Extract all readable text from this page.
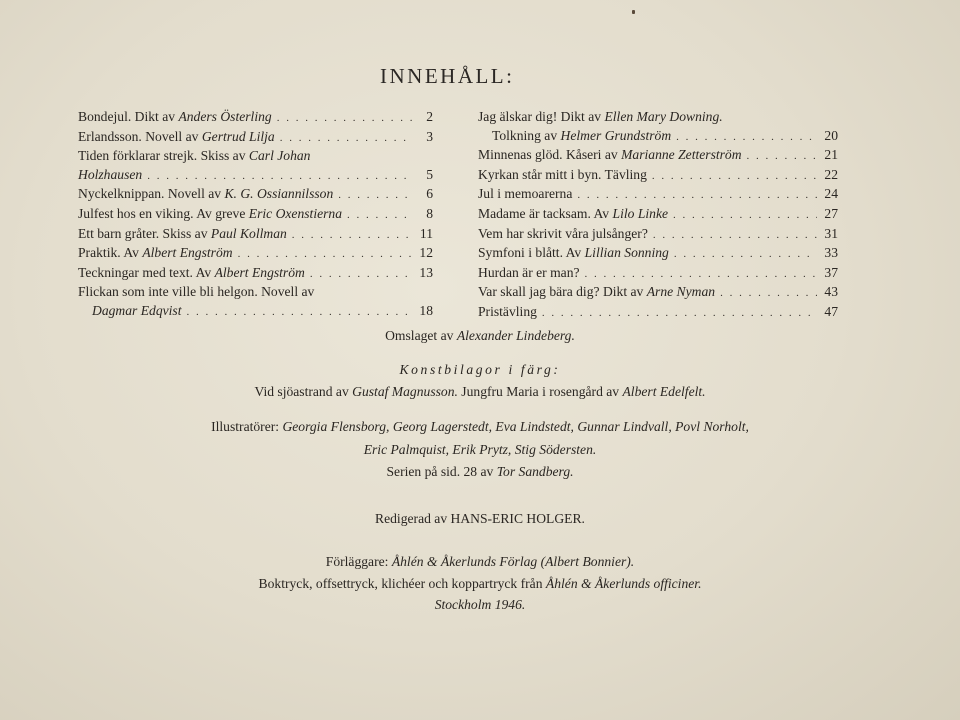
INNEHÅLL:
Bondejul. Dikt av Anders Österling . . .	2
Erlandsson. Novell av Gertrud Lilja . . .	3
Tiden förklarar strejk. Skiss av Carl Johan
Holzhausen . . .	5
Nyckelknippan. Novell av K. G. Ossiannilsson . . .	6
Julfest hos en viking. Av greve Eric Oxenstierna . . .	8
Ett barn gråter. Skiss av Paul Kollman . . .	11
Praktik. Av Albert Engström . . .	12
Teckningar med text. Av Albert Engström . . .	13
Flickan som inte ville bli helgon. Novell av
Dagmar Edqvist . . .	18
Jag älskar dig! Dikt av Ellen Mary Downing.
Tolkning av Helmer Grundström . . .	20
Minnenas glöd. Kåseri av Marianne Zetterström . . .	21
Kyrkan står mitt i byn. Tävling . . .	22
Jul i memoarerna . . .	24
Madame är tacksam. Av Lilo Linke . . .	27
Vem har skrivit våra julsånger? . . .	31
Symfoni i blått. Av Lillian Sonning . . .	33
Hurdan är er man? . . .	37
Var skall jag bära dig? Dikt av Arne Nyman . . .	43
Pristävling . . .	47
Omslaget av Alexander Lindeberg.
Konstbilagor i färg:
Vid sjöastrand av Gustaf Magnusson. Jungfru Maria i rosengård av Albert Edelfelt.
Illustratörer: Georgia Flensborg, Georg Lagerstedt, Eva Lindstedt, Gunnar Lindvall, Povl Norholt,
Eric Palmquist, Erik Prytz, Stig Södersten.
Serien på sid. 28 av Tor Sandberg.
Redigerad av HANS-ERIC HOLGER.
Förläggare: Åhlén & Åkerlunds Förlag (Albert Bonnier).
Boktryck, offsettryck, klichéer och koppartryck från Åhlén & Åkerlunds officiner.
Stockholm 1946.
